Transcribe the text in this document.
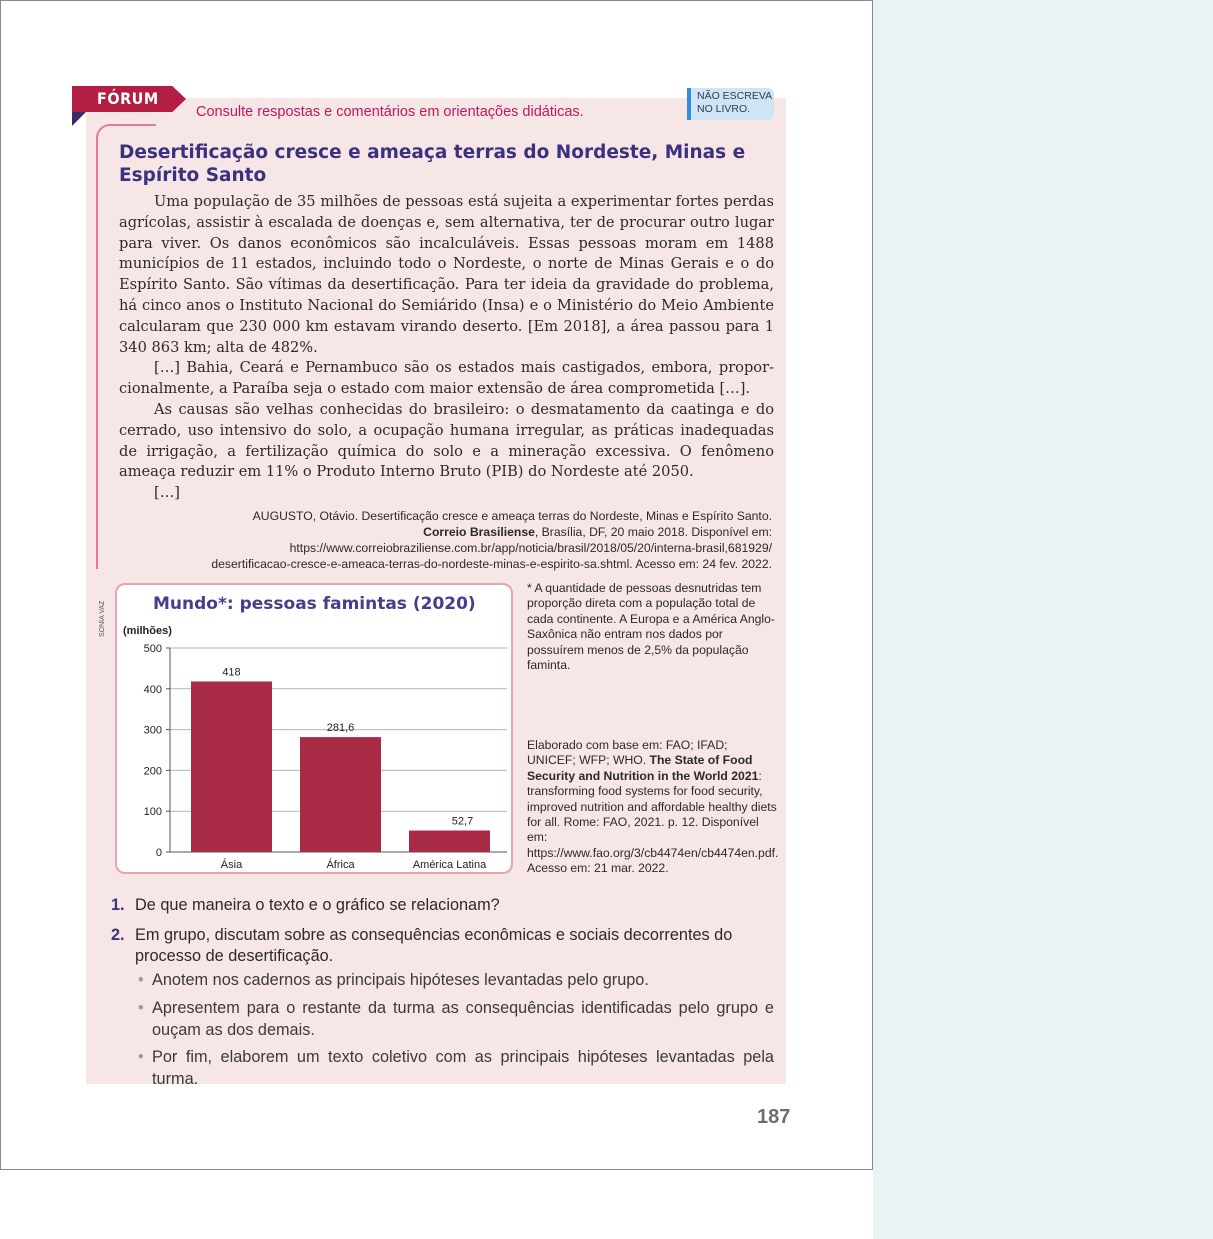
FÓRUM
Consulte respostas e comentários em orientações didáticas.
NÃO ESCREVA
NO LIVRO.
Desertificação cresce e ameaça terras do Nordeste, Minas e Espírito Santo

Uma população de 35 milhões de pessoas está sujeita a experimentar fortes perdas agrícolas, assistir à escalada de doenças e, sem alternativa, ter de procurar outro lugar para viver. Os danos econômicos são incalculáveis. Essas pessoas moram em 1488 municípios de 11 estados, incluindo todo o Nordeste, o norte de Minas Gerais e o do Espírito Santo. São vítimas da desertificação. Para ter ideia da gravidade do problema, há cinco anos o Instituto Nacional do Semiárido (Insa) e o Ministério do Meio Ambiente calcularam que 230 000 km estavam virando deserto. [Em 2018], a área passou para 1 340 863 km; alta de 482%.

[…] Bahia, Ceará e Pernambuco são os estados mais castigados, embora, proporcionalmente, a Paraíba seja o estado com maior extensão de área comprometida […].

As causas são velhas conhecidas do brasileiro: o desmatamento da caatinga e do cerrado, uso intensivo do solo, a ocupação humana irregular, as práticas inadequadas de irrigação, a fertilização química do solo e a mineração excessiva. O fenômeno ameaça reduzir em 11% o Produto Interno Bruto (PIB) do Nordeste até 2050.

[…]

AUGUSTO, Otávio. Desertificação cresce e ameaça terras do Nordeste, Minas e Espírito Santo.
Correio Brasiliense, Brasília, DF, 20 maio 2018. Disponível em:
https://www.correiobraziliense.com.br/app/noticia/brasil/2018/05/20/interna-brasil,681929/
desertificacao-cresce-e-ameaca-terras-do-nordeste-minas-e-espirito-sa.shtml. Acesso em: 24 fev. 2022.
SONIA VAZ	Mundo*: pessoas famintas (2020)
(milhões)
0
100
200
300
400
500
418
281,6
52,7
Ásia	África	América Latina
* A quantidade de pessoas desnutridas tem proporção direta com a população total de cada continente. A Europa e a América Anglo-Saxônica não entram nos dados por possuírem menos de 2,5% da população faminta.
Elaborado com base em: FAO; IFAD; UNICEF; WFP; WHO. The State of Food Security and Nutrition in the World 2021: transforming food systems for food security, improved nutrition and affordable healthy diets for all. Rome: FAO, 2021. p. 12. Disponível em: https://www.fao.org/3/cb4474en/cb4474en.pdf. Acesso em: 21 mar. 2022.
1. De que maneira o texto e o gráfico se relacionam?
2. Em grupo, discutam sobre as consequências econômicas e sociais decorrentes do processo de desertificação.
• Anotem nos cadernos as principais hipóteses levantadas pelo grupo.
• Apresentem para o restante da turma as consequências identificadas pelo grupo e ouçam as dos demais.
• Por fim, elaborem um texto coletivo com as principais hipóteses levantadas pela turma.
187
